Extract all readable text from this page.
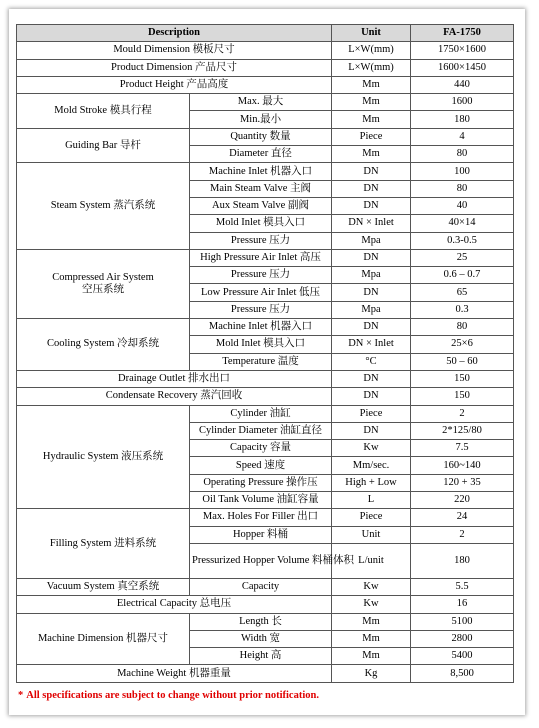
Description		Unit	FA-1750
Mould Dimension 模板尺寸		L×W(mm)	1750×1600
Product Dimension 产品尺寸		L×W(mm)	1600×1450
Product Height 产品高度		Mm	440
Mold Stroke 模具行程	Max. 最大	Mm	1600
	Min.最小	Mm	180
Guiding Bar 导杆	Quantity 数量	Piece	4
	Diameter 直径	Mm	80
Steam System 蒸汽系统	Machine Inlet 机器入口	DN	100
	Main Steam Valve 主阀	DN	80
	Aux Steam Valve 副阀	DN	40
	Mold Inlet 模具入口	DN × Inlet	40×14
	Pressure 压力	Mpa	0.3-0.5
Compressed Air System
空压系统	High Pressure Air Inlet 高压	DN	25
	Pressure 压力	Mpa	0.6 – 0.7
	Low Pressure Air Inlet 低压	DN	65
	Pressure 压力	Mpa	0.3
Cooling System 冷却系统	Machine Inlet 机器入口	DN	80
	Mold Inlet 模具入口	DN × Inlet	25×6
	Temperature 温度	°C	50 – 60
Drainage Outlet 排水出口		DN	150
Condensate Recovery 蒸汽回收		DN	150
Hydraulic System 液压系统	Cylinder 油缸	Piece	2
	Cylinder Diameter 油缸直径	DN	2*125/80
	Capacity 容量	Kw	7.5
	Speed 速度	Mm/sec.	160~140
	Operating Pressure 操作压	High + Low	120 + 35
	Oil Tank Volume 油缸容量	L	220
Filling System 进料系统	Max. Holes For Filler 出口	Piece	24
	Hopper 料桶	Unit	2
	Pressurized Hopper Volume 料桶体积	L/unit	180
Vacuum System 真空系统	Capacity	Kw	5.5
Electrical Capacity 总电压		Kw	16
Machine Dimension 机器尺寸	Length 长	Mm	5100
	Width 宽	Mm	2800
	Height 高	Mm	5400
Machine Weight 机器重量		Kg	8,500
* All specifications are subject to change without prior notification.
